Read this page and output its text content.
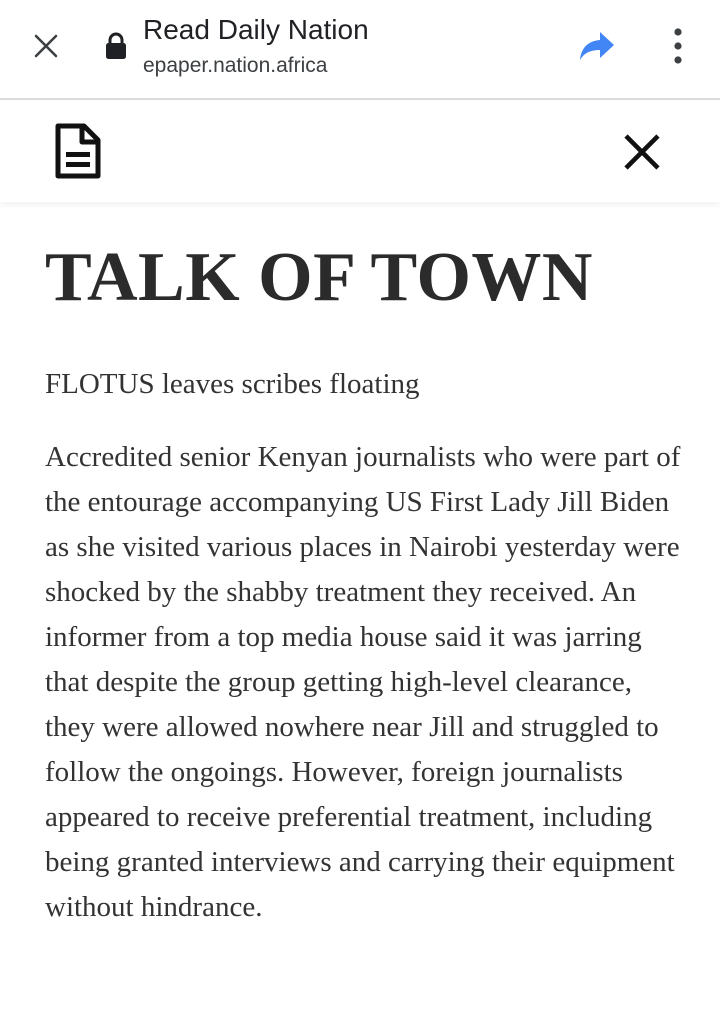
Read Daily Nation
epaper.nation.africa
TALK OF TOWN

FLOTUS leaves scribes floating

Accredited senior Kenyan journalists who were part of the entourage accompanying US First Lady Jill Biden as she visited various places in Nairobi yesterday were shocked by the shabby treatment they received. An informer from a top media house said it was jarring that despite the group getting high-level clearance, they were allowed nowhere near Jill and struggled to follow the ongoings. However, foreign journalists appeared to receive preferential treatment, including being granted interviews and carrying their equipment without hindrance.
